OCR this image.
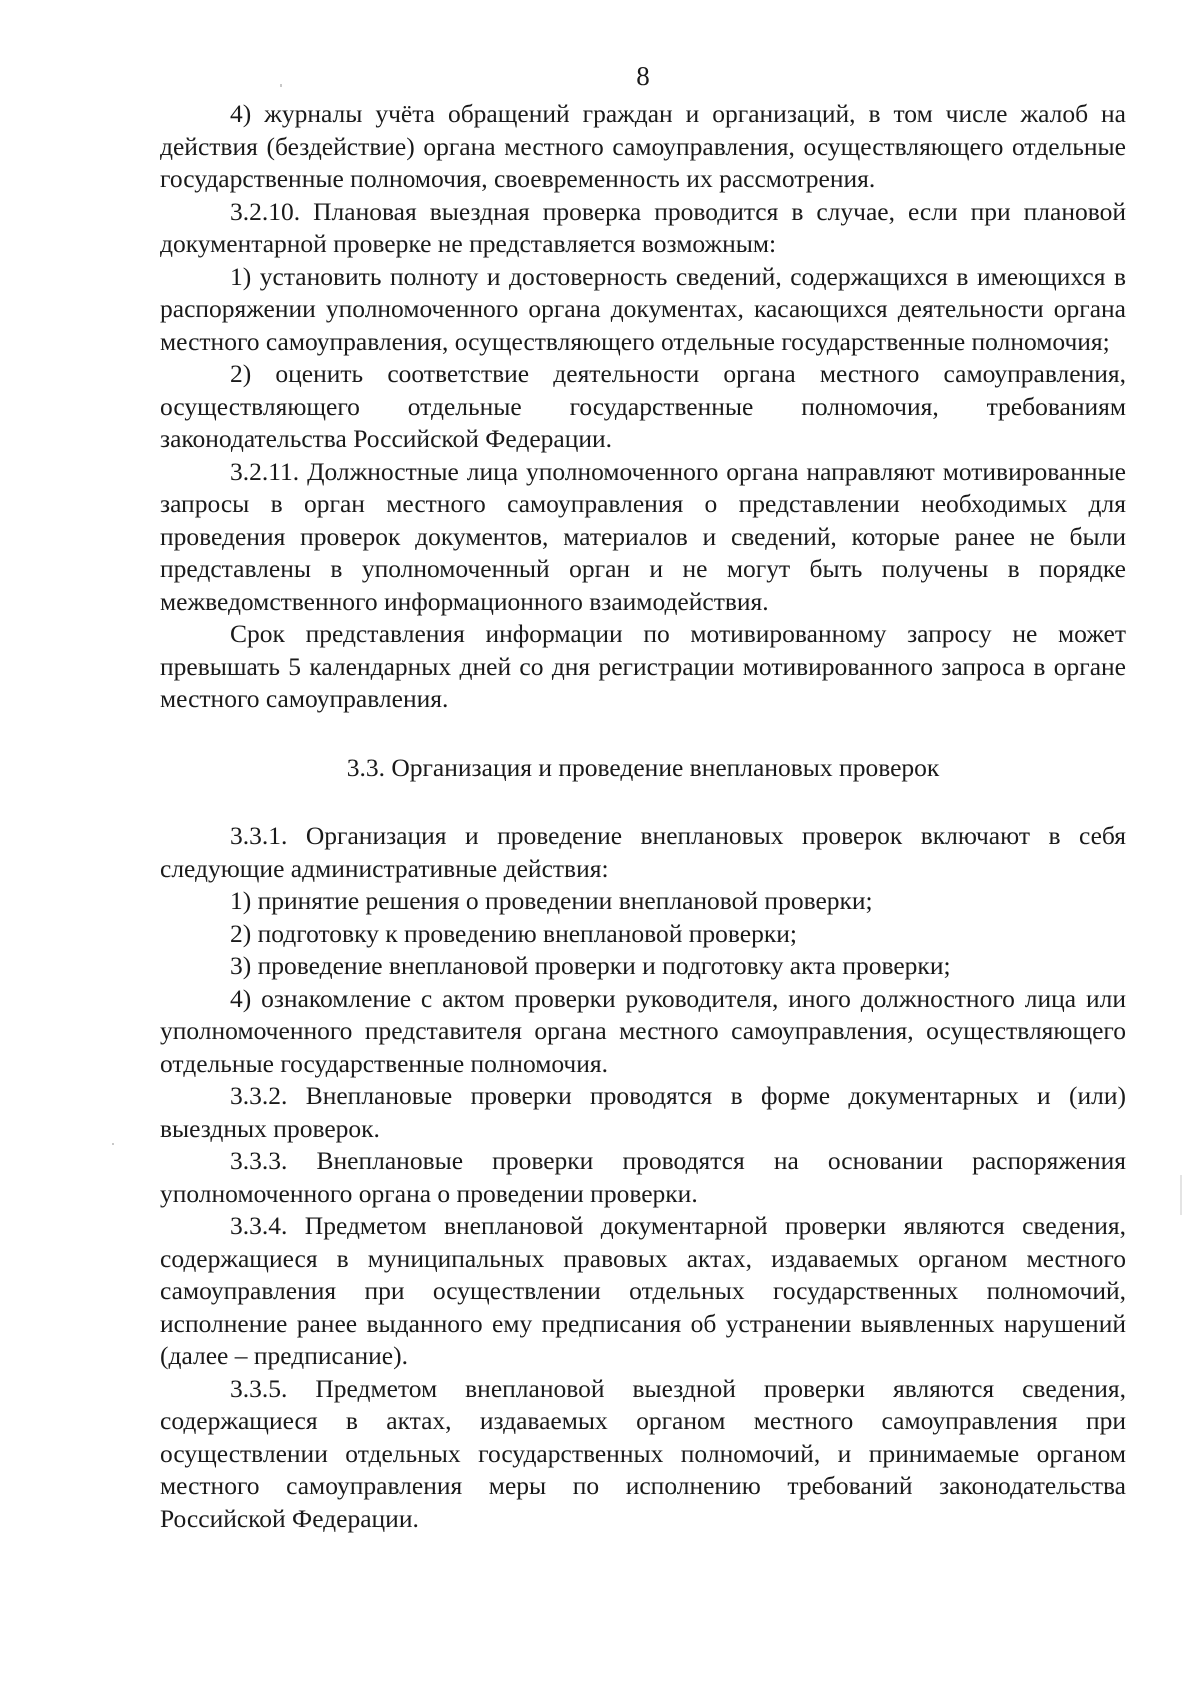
8

4) журналы учёта обращений граждан и организаций, в том числе жалоб на действия (бездействие) органа местного самоуправления, осуществляющего отдельные государственные полномочия, своевременность их рассмотрения.

3.2.10. Плановая выездная проверка проводится в случае, если при плановой документарной проверке не представляется возможным:

1) установить полноту и достоверность сведений, содержащихся в имеющихся в распоряжении уполномоченного органа документах, касающихся деятельности органа местного самоуправления, осуществляющего отдельные государственные полномочия;

2) оценить соответствие деятельности органа местного самоуправления, осуществляющего отдельные государственные полномочия, требованиям законодательства Российской Федерации.

3.2.11. Должностные лица уполномоченного органа направляют мотивированные запросы в орган местного самоуправления о представлении необходимых для проведения проверок документов, материалов и сведений, которые ранее не были представлены в уполномоченный орган и не могут быть получены в порядке межведомственного информационного взаимодействия.

Срок представления информации по мотивированному запросу не может превышать 5 календарных дней со дня регистрации мотивированного запроса в органе местного самоуправления.

3.3. Организация и проведение внеплановых проверок

3.3.1. Организация и проведение внеплановых проверок включают в себя следующие административные действия:

1) принятие решения о проведении внеплановой проверки;

2) подготовку к проведению внеплановой проверки;

3) проведение внеплановой проверки и подготовку акта проверки;

4) ознакомление с актом проверки руководителя, иного должностного лица или уполномоченного представителя органа местного самоуправления, осуществляющего отдельные государственные полномочия.

3.3.2. Внеплановые проверки проводятся в форме документарных и (или) выездных проверок.

3.3.3. Внеплановые проверки проводятся на основании распоряжения уполномоченного органа о проведении проверки.

3.3.4. Предметом внеплановой документарной проверки являются сведения, содержащиеся в муниципальных правовых актах, издаваемых органом местного самоуправления при осуществлении отдельных государственных полномочий, исполнение ранее выданного ему предписания об устранении выявленных нарушений (далее – предписание).

3.3.5. Предметом внеплановой выездной проверки являются сведения, содержащиеся в актах, издаваемых органом местного самоуправления при осуществлении отдельных государственных полномочий, и принимаемые органом местного самоуправления меры по исполнению требований законодательства Российской Федерации.
